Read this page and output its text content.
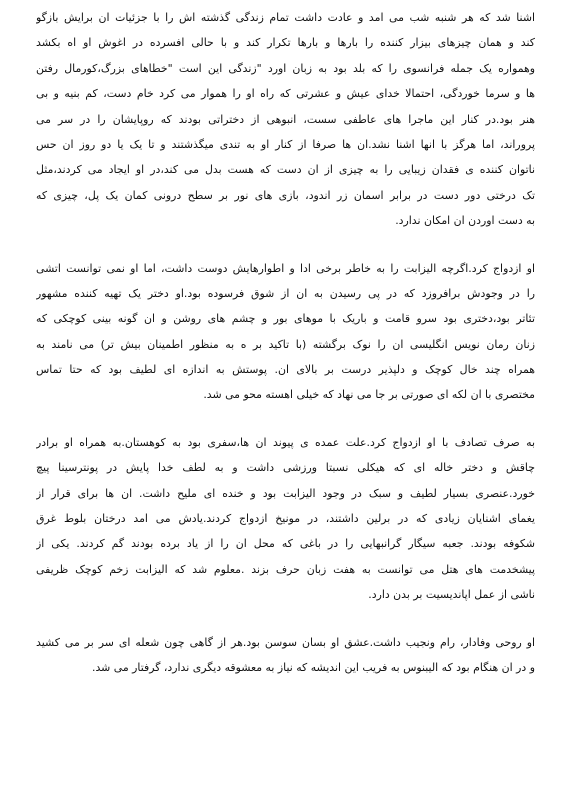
اشنا شد که هر شنبه شب می امد و عادت داشت تمام زندگی گذشته اش را با جزئیات ان برایش بازگو
کند و همان چیزهای بیزار کننده را بارها و بارها تکرار کند و با حالی افسرده در اغوش او اه بکشد
وهمواره یک جمله فرانسوی را که بلد بود به زبان اورد "زندگی این است "خطاهای بزرگ،کورمال رفتن
ها و سرما خوردگی، احتمالا خدای عیش و عشرتی که راه او را هموار می کرد خام دست، کم بنیه و بی
هنر بود.در کنار این ماجرا های عاطفی سست، انبوهی از دختراتی بودند که روپایشان را در سر می
پروراند، اما هرگز با انها اشنا نشد.ان ها صرفا از کنار او به تندی میگذشتند و تا یک یا دو روز ان حس
ناتوان کننده ی فقدان زیبایی را به چیزی از ان دست که هست بدل می کند،در او ایجاد می کردند،مثل
تک درختی دور دست در برابر اسمان زر اندود، بازی های نور بر سطح درونی کمان یک پل، چیزی که
به دست اوردن ان امکان ندارد.
او ازدواج کرد.اگرچه الیزابت را به خاطر برخی ادا و اطوارهایش دوست داشت، اما او نمی توانست اتشی
را در وجودش برافروزد که در پی رسیدن به ان از شوق فرسوده بود.او دختر یک تهیه کننده مشهور
تئاتر بود،دختری بود سرو قامت و باریک با موهای بور و چشم های روشن و ان گونه بینی کوچکی که
زنان رمان نویس انگلیسی ان را نوک برگشته (با تاکید بر ه به منظور اطمینان بیش تر) می نامند به
همراه چند خال کوچک و دلپذیر درست بر بالای ان. پوستش به اندازه ای لطیف بود که حتا تماس
مختصری با ان لکه ای صورتی بر جا می نهاد که خیلی اهسته محو می شد.
به صرف تصادف با او ازدواج کرد.علت عمده ی پیوند ان ها،سفری بود به کوهستان.به همراه او برادر
چاقش و دختر خاله ای که هیکلی نسبتا ورزشی داشت و به لطف خدا پایش در پونترسینا پیچ
خورد.عنصری بسیار لطیف و سبک در وجود الیزابت بود و خنده ای ملیح داشت. ان ها برای قرار از
یغمای اشنایان زیادی که در برلین داشتند، در مونیخ ازدواج کردند.یادش می امد درختان بلوط غرق
شکوفه بودند. جعبه سیگار گرانبهایی را در باغی که محل ان را از یاد برده بودند گم کردند. یکی از
پیشخدمت های هتل می توانست به هفت زبان حرف بزند .معلوم شد که الیزابت زخم کوچک ظریفی
ناشی از عمل اپاندیسیت بر بدن دارد.
او روحی وفادار، رام ونجیب داشت.عشق او بسان سوسن بود.هر از گاهی چون شعله ای سر بر می کشید
و در ان هنگام بود که الیبنوس به فریب این اندیشه که نیاز به معشوقه دیگری ندارد، گرفتار می شد.
